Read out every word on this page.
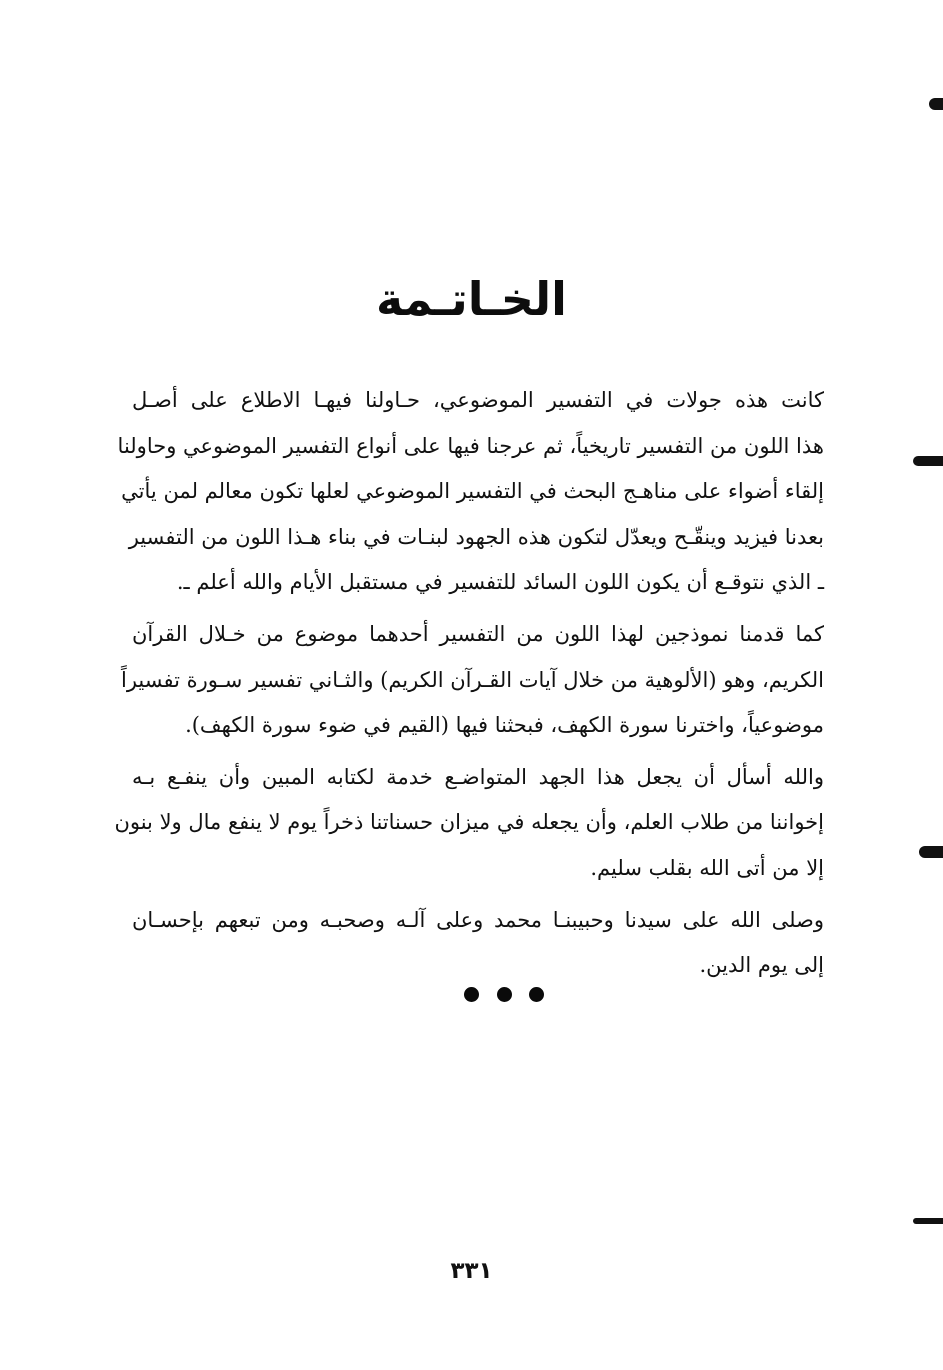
الخـاتـمة

كانت هذه جولات في التفسير الموضوعي، حـاولنا فيهـا الاطلاع على أصـل
هذا اللون من التفسير تاريخياً، ثم عرجنا فيها على أنواع التفسير الموضوعي وحاولنا
إلقاء أضواء على مناهـج البحث في التفسير الموضوعي لعلها تكون معالم لمن يأتي
بعدنا فيزيد وينقّـح ويعدّل لتكون هذه الجهود لبنـات في بناء هـذا اللون من التفسير
ـ الذي نتوقـع أن يكون اللون السائد للتفسير في مستقبل الأيام والله أعلم ـ.

كما قدمنا نموذجين لهذا اللون من التفسير أحدهما موضوع من خـلال القرآن
الكريم، وهو (الألوهية من خلال آيات القـرآن الكريم) والثـاني تفسير سـورة تفسيراً
موضوعياً، واخترنا سورة الكهف، فبحثنا فيها (القيم في ضوء سورة الكهف).

والله أسأل أن يجعل هذا الجهد المتواضـع خدمة لكتابه المبين وأن ينفـع بـه
إخواننا من طلاب العلم، وأن يجعله في ميزان حسناتنا ذخراً يوم لا ينفع مال ولا بنون
إلا من أتى الله بقلب سليم.

وصلى الله على سيدنا وحبيبنـا محمد وعلى آلـه وصحبـه ومن تبعهم بإحسـان
إلى يوم الدين.

٣٣١
